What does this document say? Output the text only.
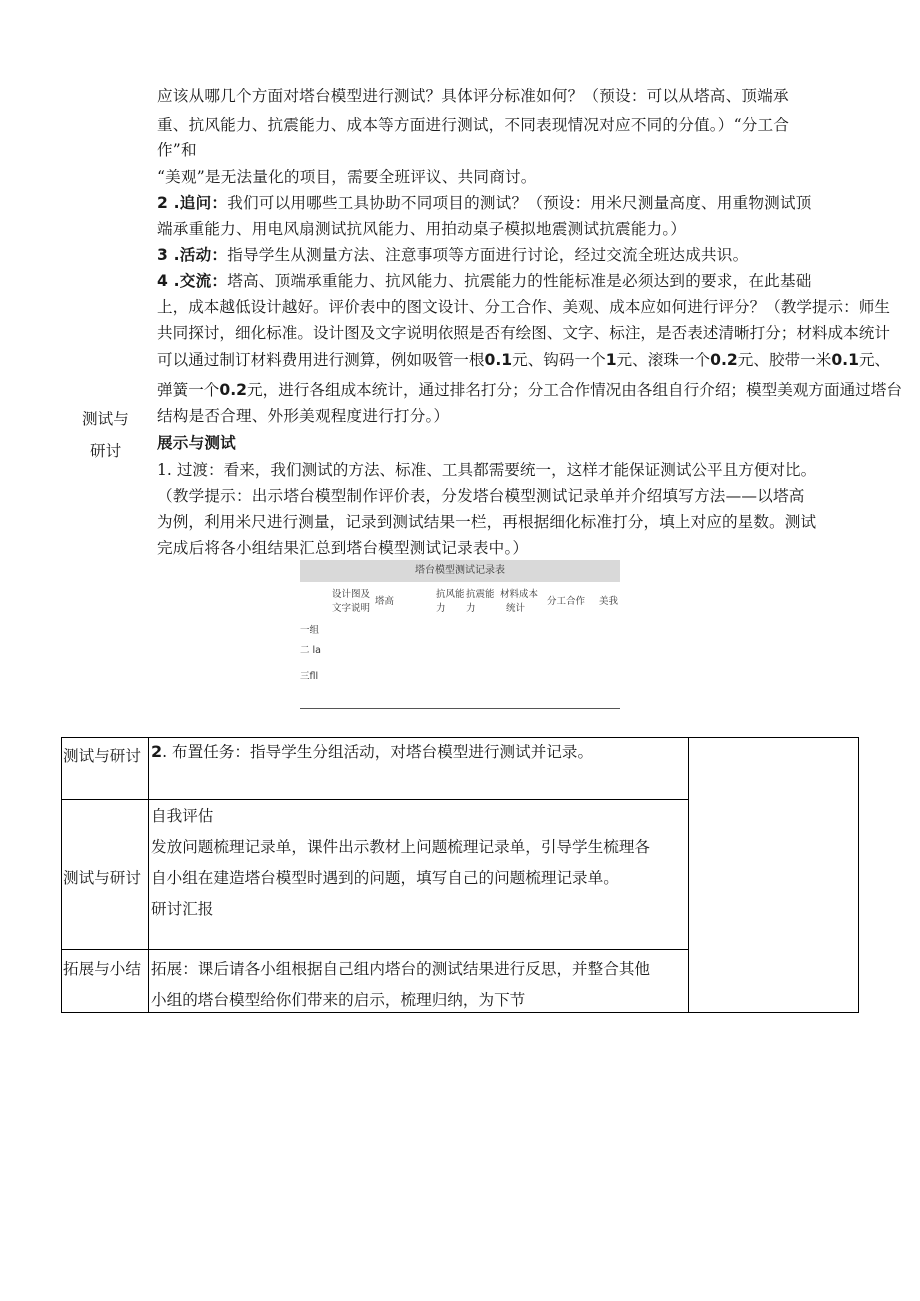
应该从哪几个方面对塔台模型进行测试？具体评分标准如何？（预设：可以从塔高、顶端承
重、抗风能力、抗震能力、成本等方面进行测试，不同表现情况对应不同的分值。）“分工合
作”和
“美观”是无法量化的项目，需要全班评议、共同商讨。
2 .追问：我们可以用哪些工具协助不同项目的测试？（预设：用米尺测量高度、用重物测试顶
端承重能力、用电风扇测试抗风能力、用拍动桌子模拟地震测试抗震能力。）
3 .活动：指导学生从测量方法、注意事项等方面进行讨论，经过交流全班达成共识。
4 .交流：塔高、顶端承重能力、抗风能力、抗震能力的性能标准是必须达到的要求，在此基础
上，成本越低设计越好。评价表中的图文设计、分工合作、美观、成本应如何进行评分？（教学提示：师生
共同探讨，细化标准。设计图及文字说明依照是否有绘图、文字、标注，是否表述清晰打分；材料成本统计
可以通过制订材料费用进行测算，例如吸管一根0.1元、钩码一个1元、滚珠一个0.2元、胶带一米0.1元、
弹簧一个0.2元，进行各组成本统计，通过排名打分；分工合作情况由各组自行介绍；模型美观方面通过塔台
结构是否合理、外形美观程度进行打分。）
测试与
研讨 展示与测试
1. 过渡：看来，我们测试的方法、标准、工具都需要统一，这样才能保证测试公平且方便对比。
（教学提示：出示塔台模型制作评价表，分发塔台模型测试记录单并介绍填写方法——以塔高
为例，利用米尺进行测量，记录到测试结果一栏，再根据细化标准打分，填上对应的星数。测试
完成后将各小组结果汇总到塔台模型测试记录表中。）
塔台模型测试记录表
设计图及
文字说明
塔高
抗风能
力
抗震能
力
材料成本
统计
分工合作 美我
一组
二 la
三fll
测试与研讨 2. 布置任务：指导学生分组活动，对塔台模型进行测试并记录。
测试与研讨
自我评估
发放问题梳理记录单，课件出示教材上问题梳理记录单，引导学生梳理各
自小组在建造塔台模型时遇到的问题，填写自己的问题梳理记录单。
研讨汇报
拓展与小结 拓展：课后请各小组根据自己组内塔台的测试结果进行反思，并整合其他
小组的塔台模型给你们带来的启示，梳理归纳，为下节
